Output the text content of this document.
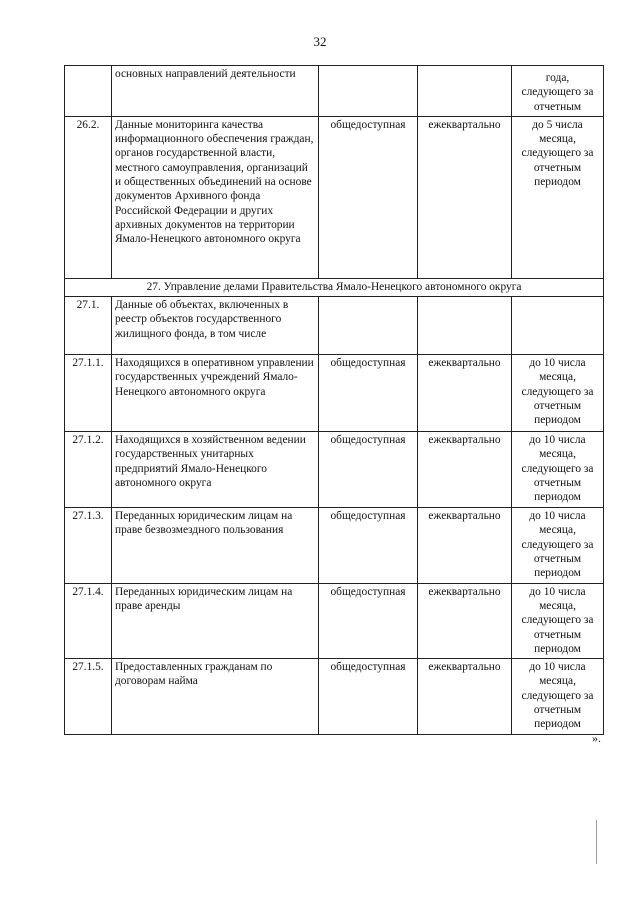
32
	основных направлений деятельности			года, следующего за отчетным
26.2.	Данные мониторинга качества информационного обеспечения граждан, органов государственной власти, местного самоуправления, организаций и общественных объединений на основе документов Архивного фонда Российской Федерации и других архивных документов на территории Ямало-Ненецкого автономного округа	общедоступная	ежеквартально	до 5 числа месяца, следующего за отчетным периодом
27. Управление делами Правительства Ямало-Ненецкого автономного округа				
27.1.	Данные об объектах, включенных в реестр объектов государственного жилищного фонда, в том числе			
27.1.1.	Находящихся в оперативном управлении государственных учреждений Ямало-Ненецкого автономного округа	общедоступная	ежеквартально	до 10 числа месяца, следующего за отчетным периодом
27.1.2.	Находящихся в хозяйственном ведении государственных унитарных предприятий Ямало-Ненецкого автономного округа	общедоступная	ежеквартально	до 10 числа месяца, следующего за отчетным периодом
27.1.3.	Переданных юридическим лицам на праве безвозмездного пользования	общедоступная	ежеквартально	до 10 числа месяца, следующего за отчетным периодом
27.1.4.	Переданных юридическим лицам на праве аренды	общедоступная	ежеквартально	до 10 числа месяца, следующего за отчетным периодом
27.1.5.	Предоставленных гражданам по договорам найма	общедоступная	ежеквартально	до 10 числа месяца, следующего за отчетным периодом
».
